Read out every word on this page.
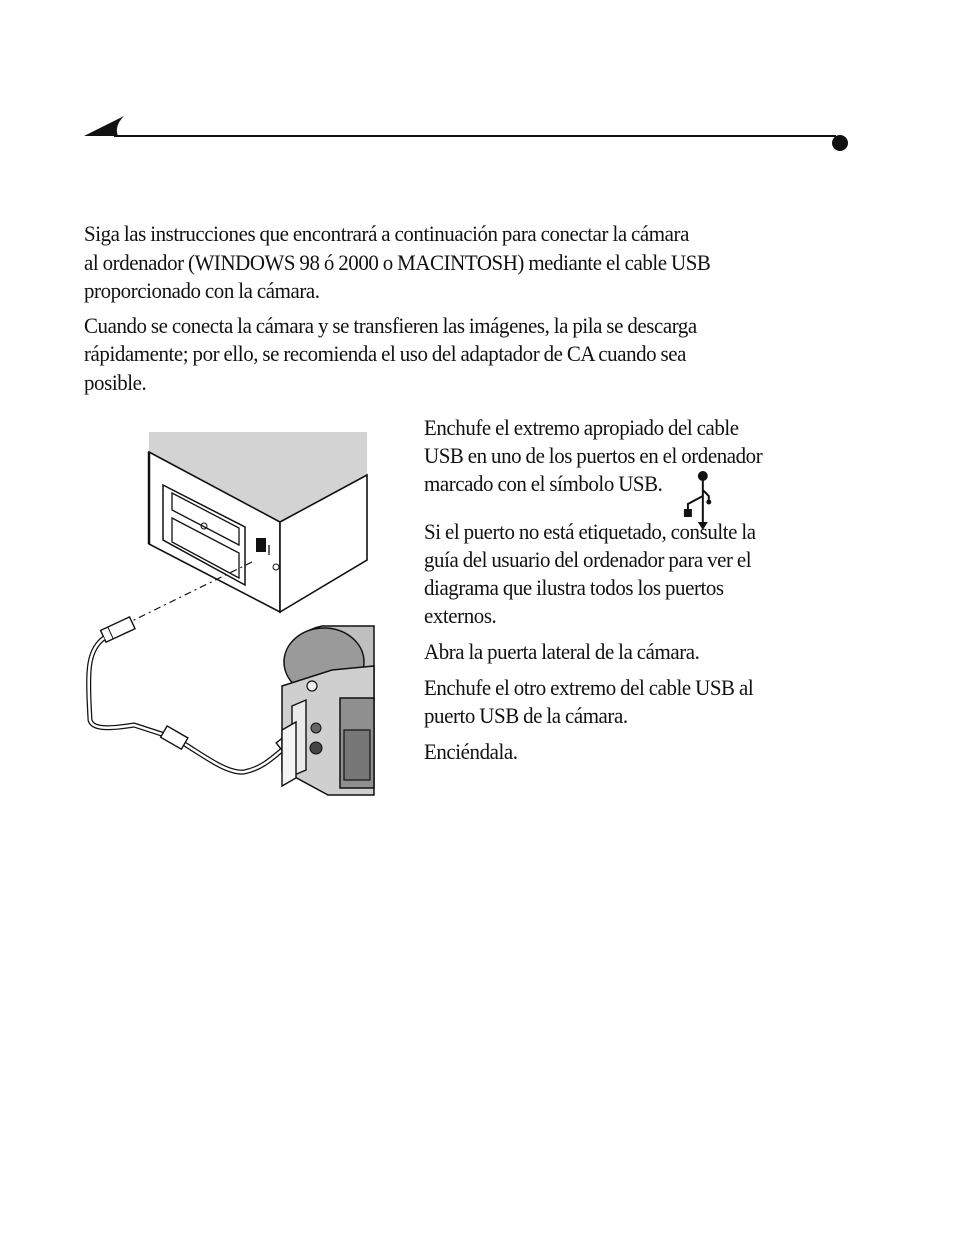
Siga las instrucciones que encontrará a continuación para conectar la cámara
al ordenador (WINDOWS 98 ó 2000 o MACINTOSH) mediante el cable USB
proporcionado con la cámara.

Cuando se conecta la cámara y se transfieren las imágenes, la pila se descarga
rápidamente; por ello, se recomienda el uso del adaptador de CA cuando sea
posible.

Enchufe el extremo apropiado del cable
USB en uno de los puertos en el ordenador
marcado con el símbolo USB.

Si el puerto no está etiquetado, consulte la
guía del usuario del ordenador para ver el
diagrama que ilustra todos los puertos
externos.

Abra la puerta lateral de la cámara.

Enchufe el otro extremo del cable USB al
puerto USB de la cámara.

Enciéndala.
